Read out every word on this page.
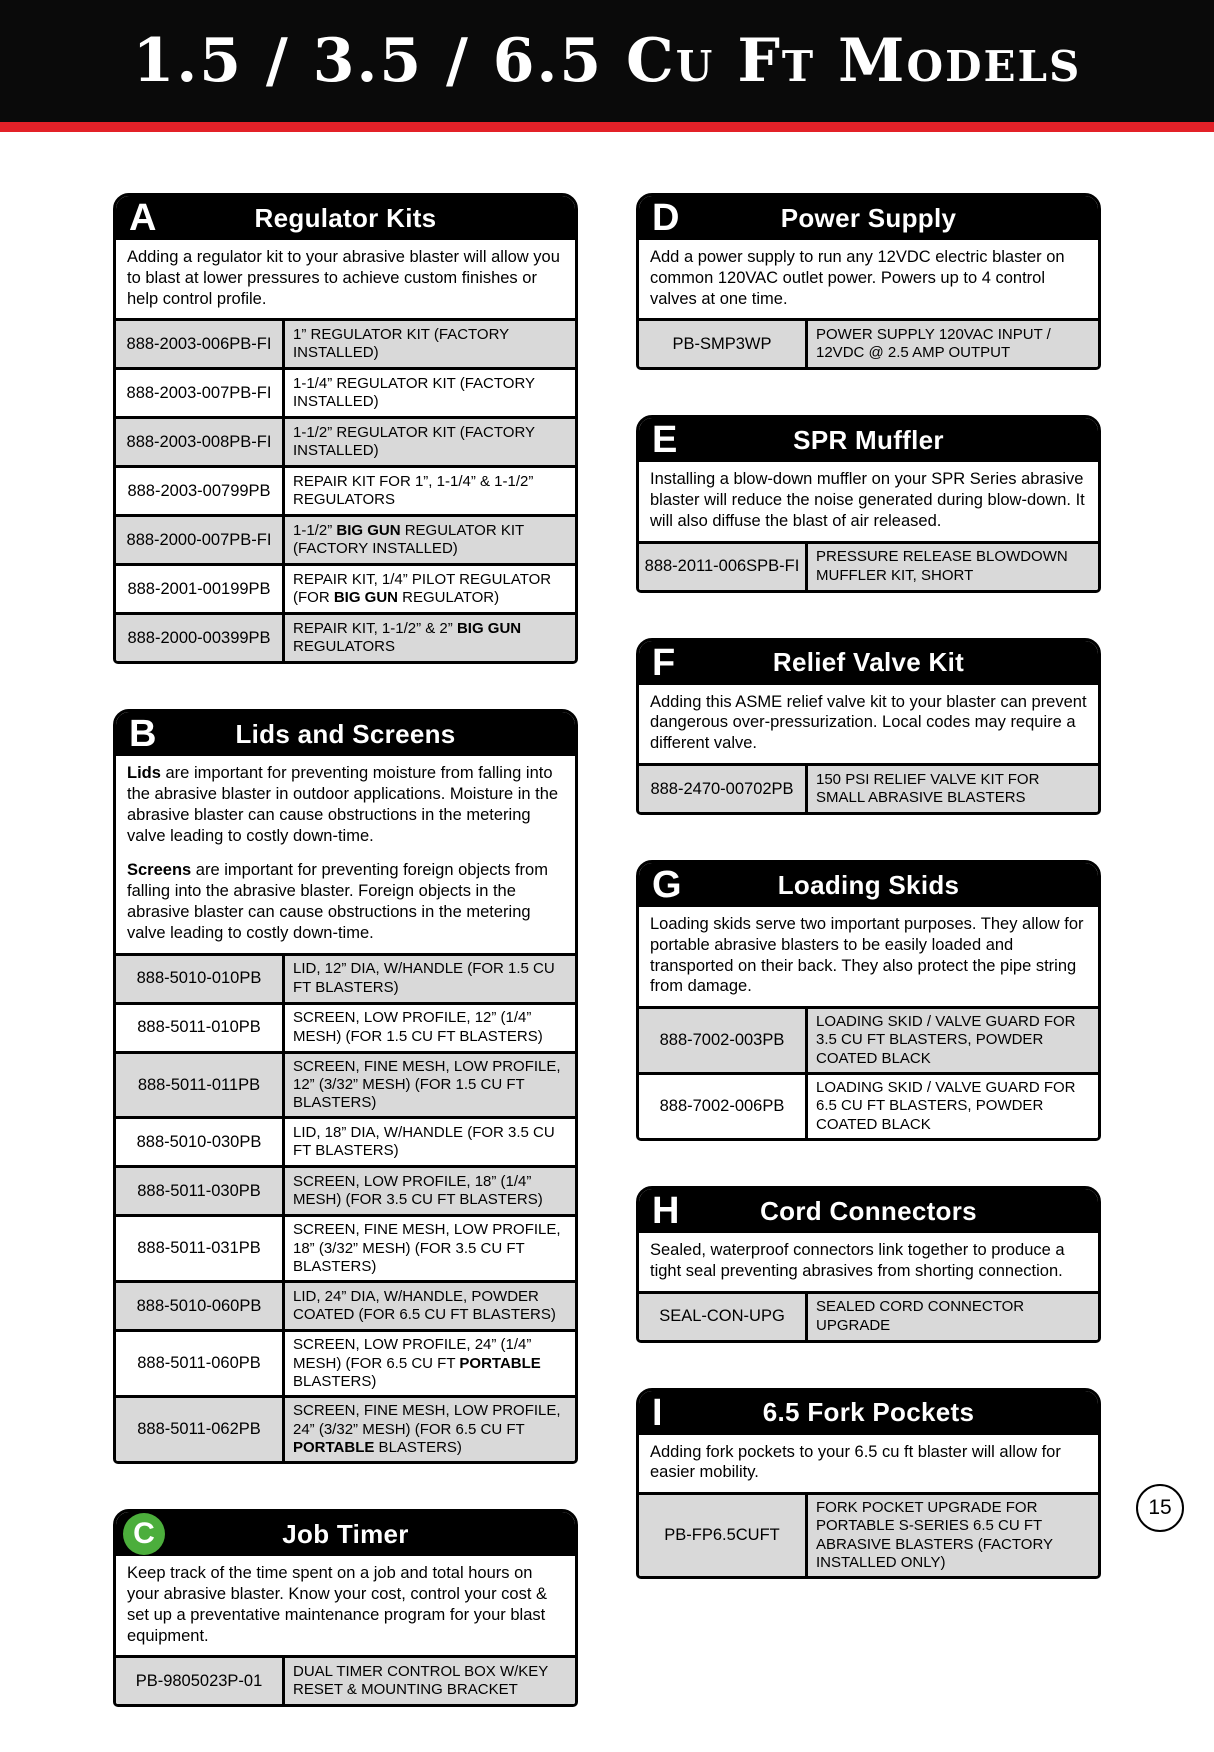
1.5 / 3.5 / 6.5 Cu Ft Models
A	Regulator Kits

Adding a regulator kit to your abrasive blaster will allow you to blast at lower pressures to achieve custom finishes or help control profile.

888-2003-006PB-FI	1” REGULATOR KIT (FACTORY INSTALLED)
888-2003-007PB-FI	1-1/4” REGULATOR KIT (FACTORY INSTALLED)
888-2003-008PB-FI	1-1/2” REGULATOR KIT (FACTORY INSTALLED)
888-2003-00799PB	REPAIR KIT FOR 1”, 1-1/4” & 1-1/2” REGULATORS
888-2000-007PB-FI	1-1/2” BIG GUN REGULATOR KIT (FACTORY INSTALLED)
888-2001-00199PB	REPAIR KIT, 1/4” PILOT REGULATOR (FOR BIG GUN REGULATOR)
888-2000-00399PB	REPAIR KIT, 1-1/2” & 2” BIG GUN REGULATORS
B	Lids and Screens

Lids are important for preventing moisture from falling into the abrasive blaster in outdoor applications. Moisture in the abrasive blaster can cause obstructions in the metering valve leading to costly down-time.

Screens are important for preventing foreign objects from falling into the abrasive blaster. Foreign objects in the abrasive blaster can cause obstructions in the metering valve leading to costly down-time.

888-5010-010PB	LID, 12” DIA, W/HANDLE (FOR 1.5 CU FT BLASTERS)
888-5011-010PB	SCREEN, LOW PROFILE, 12” (1/4” MESH) (FOR 1.5 CU FT BLASTERS)
888-5011-011PB	SCREEN, FINE MESH, LOW PROFILE, 12” (3/32” MESH) (FOR 1.5 CU FT BLASTERS)
888-5010-030PB	LID, 18” DIA, W/HANDLE (FOR 3.5 CU FT BLASTERS)
888-5011-030PB	SCREEN, LOW PROFILE, 18” (1/4” MESH) (FOR 3.5 CU FT BLASTERS)
888-5011-031PB	SCREEN, FINE MESH, LOW PROFILE, 18” (3/32” MESH) (FOR 3.5 CU FT BLASTERS)
888-5010-060PB	LID, 24” DIA, W/HANDLE, POWDER COATED (FOR 6.5 CU FT BLASTERS)
888-5011-060PB	SCREEN, LOW PROFILE, 24” (1/4” MESH) (FOR 6.5 CU FT PORTABLE BLASTERS)
888-5011-062PB	SCREEN, FINE MESH, LOW PROFILE, 24” (3/32” MESH) (FOR 6.5 CU FT PORTABLE BLASTERS)
C	Job Timer

Keep track of the time spent on a job and total hours on your abrasive blaster. Know your cost, control your cost & set up a preventative maintenance program for your blast equipment.

PB-9805023P-01	DUAL TIMER CONTROL BOX W/KEY RESET & MOUNTING BRACKET
D	Power Supply

Add a power supply to run any 12VDC electric blaster on common 120VAC outlet power. Powers up to 4 control valves at one time.

PB-SMP3WP	POWER SUPPLY 120VAC INPUT / 12VDC @ 2.5 AMP OUTPUT
E	SPR Muffler

Installing a blow-down muffler on your SPR Series abrasive blaster will reduce the noise generated during blow-down. It will also diffuse the blast of air released.

888-2011-006SPB-FI	PRESSURE RELEASE BLOWDOWN MUFFLER KIT, SHORT
F	Relief Valve Kit

Adding this ASME relief valve kit to your blaster can prevent dangerous over-pressurization. Local codes may require a different valve.

888-2470-00702PB	150 PSI RELIEF VALVE KIT FOR SMALL ABRASIVE BLASTERS
G	Loading Skids

Loading skids serve two important purposes. They allow for portable abrasive blasters to be easily loaded and transported on their back. They also protect the pipe string from damage.

888-7002-003PB	LOADING SKID / VALVE GUARD FOR 3.5 CU FT BLASTERS, POWDER COATED BLACK
888-7002-006PB	LOADING SKID / VALVE GUARD FOR 6.5 CU FT BLASTERS, POWDER COATED BLACK
H	Cord Connectors

Sealed, waterproof connectors link together to produce a tight seal preventing abrasives from shorting connection.

SEAL-CON-UPG	SEALED CORD CONNECTOR UPGRADE
I	6.5 Fork Pockets

Adding fork pockets to your 6.5 cu ft blaster will allow for easier mobility.

PB-FP6.5CUFT	FORK POCKET UPGRADE FOR PORTABLE S-SERIES 6.5 CU FT ABRASIVE BLASTERS (FACTORY INSTALLED ONLY)
15
